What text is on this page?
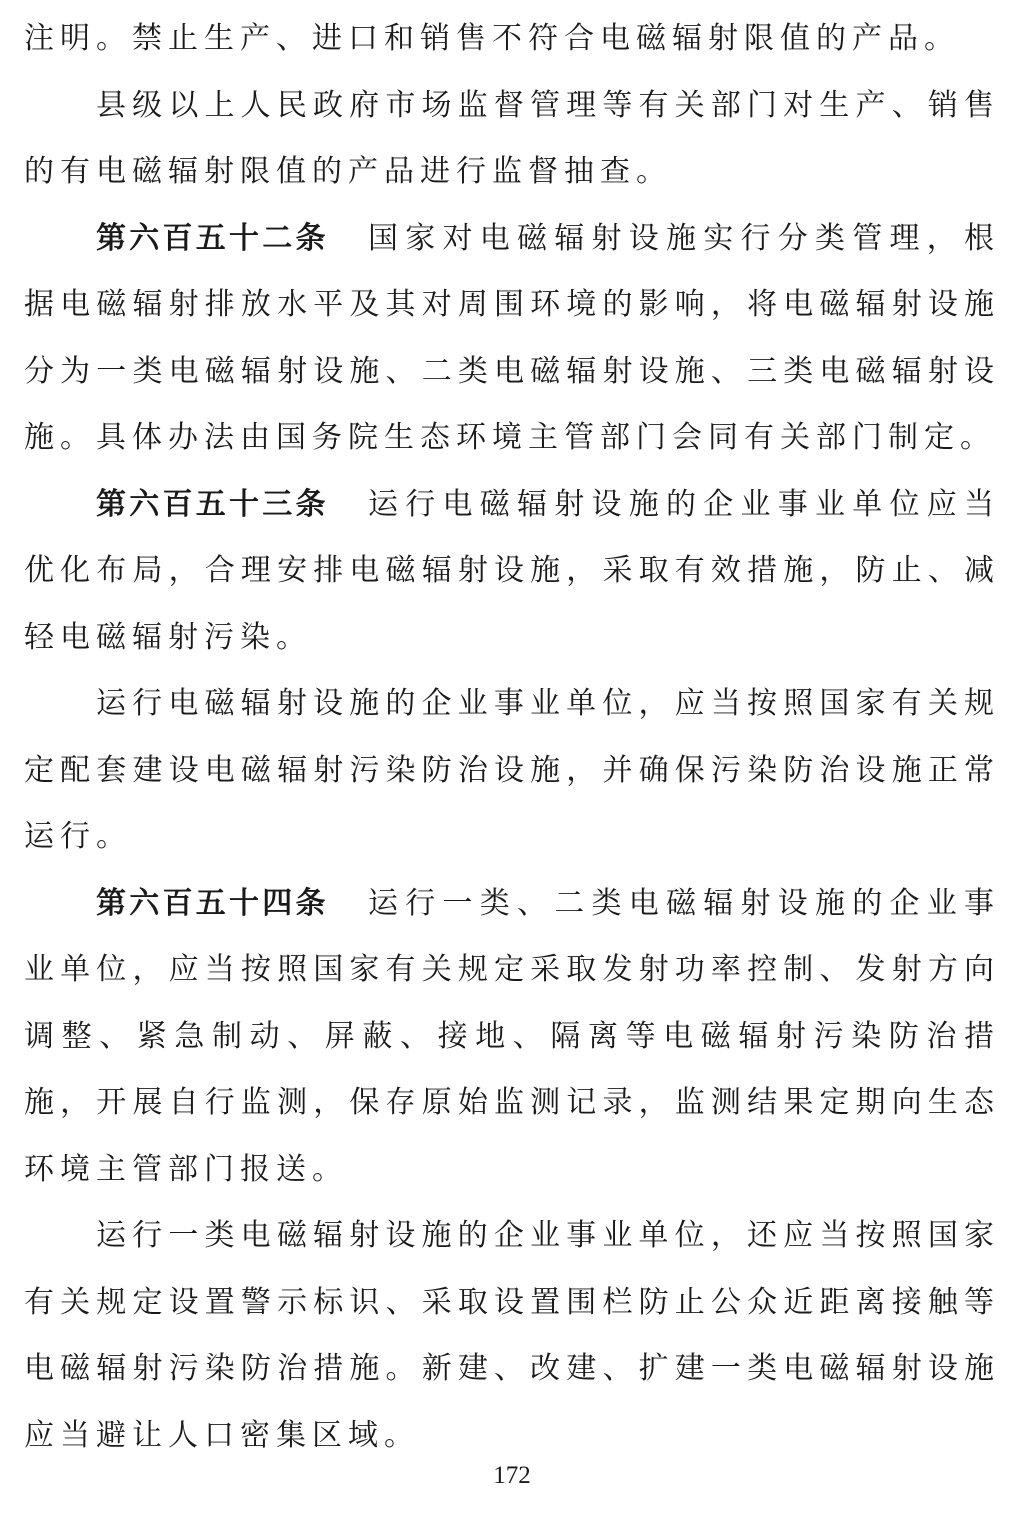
注明。禁止生产、进口和销售不符合电磁辐射限值的产品。

县级以上人民政府市场监督管理等有关部门对生产、销售的有电磁辐射限值的产品进行监督抽查。

第六百五十二条 国家对电磁辐射设施实行分类管理，根据电磁辐射排放水平及其对周围环境的影响，将电磁辐射设施分为一类电磁辐射设施、二类电磁辐射设施、三类电磁辐射设施。具体办法由国务院生态环境主管部门会同有关部门制定。

第六百五十三条 运行电磁辐射设施的企业事业单位应当优化布局，合理安排电磁辐射设施，采取有效措施，防止、减轻电磁辐射污染。

运行电磁辐射设施的企业事业单位，应当按照国家有关规定配套建设电磁辐射污染防治设施，并确保污染防治设施正常运行。

第六百五十四条 运行一类、二类电磁辐射设施的企业事业单位，应当按照国家有关规定采取发射功率控制、发射方向调整、紧急制动、屏蔽、接地、隔离等电磁辐射污染防治措施，开展自行监测，保存原始监测记录，监测结果定期向生态环境主管部门报送。

运行一类电磁辐射设施的企业事业单位，还应当按照国家有关规定设置警示标识、采取设置围栏防止公众近距离接触等电磁辐射污染防治措施。新建、改建、扩建一类电磁辐射设施应当避让人口密集区域。

172
